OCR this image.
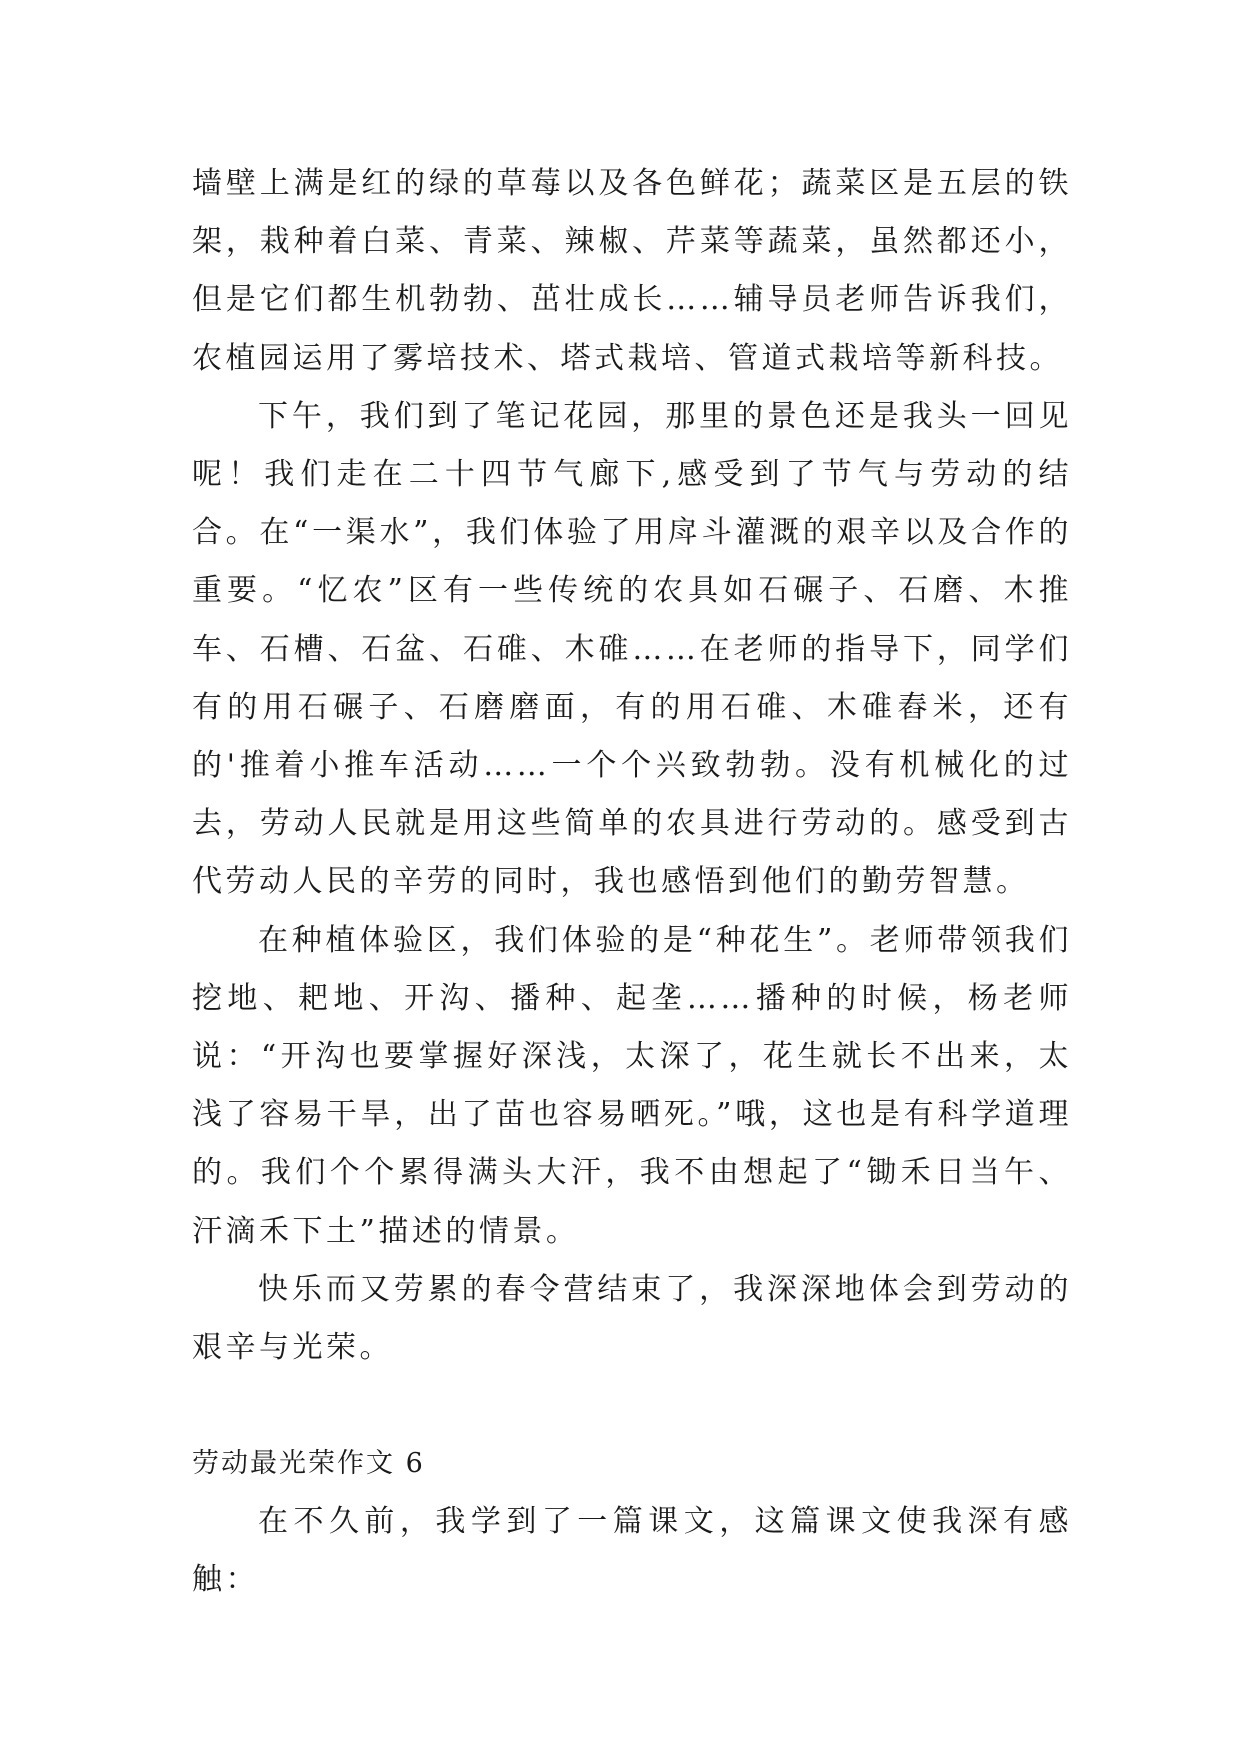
墙壁上满是红的绿的草莓以及各色鲜花；蔬菜区是五层的铁架，栽种着白菜、青菜、辣椒、芹菜等蔬菜，虽然都还小，但是它们都生机勃勃、茁壮成长……辅导员老师告诉我们，农植园运用了雾培技术、塔式栽培、管道式栽培等新科技。

下午，我们到了笔记花园，那里的景色还是我头一回见呢！我们走在二十四节气廊下,感受到了节气与劳动的结合。在“一渠水”，我们体验了用戽斗灌溉的艰辛以及合作的重要。“忆农”区有一些传统的农具如石碾子、石磨、木推车、石槽、石盆、石碓、木碓……在老师的指导下，同学们有的用石碾子、石磨磨面，有的用石碓、木碓舂米，还有的'推着小推车活动……一个个兴致勃勃。没有机械化的过去，劳动人民就是用这些简单的农具进行劳动的。感受到古代劳动人民的辛劳的同时，我也感悟到他们的勤劳智慧。

在种植体验区，我们体验的是“种花生”。老师带领我们挖地、耙地、开沟、播种、起垄……播种的时候，杨老师说：“开沟也要掌握好深浅，太深了，花生就长不出来，太浅了容易干旱，出了苗也容易晒死。”哦，这也是有科学道理的。我们个个累得满头大汗，我不由想起了“锄禾日当午、汗滴禾下土”描述的情景。

快乐而又劳累的春令营结束了，我深深地体会到劳动的艰辛与光荣。

劳动最光荣作文 6

在不久前，我学到了一篇课文，这篇课文使我深有感触：
